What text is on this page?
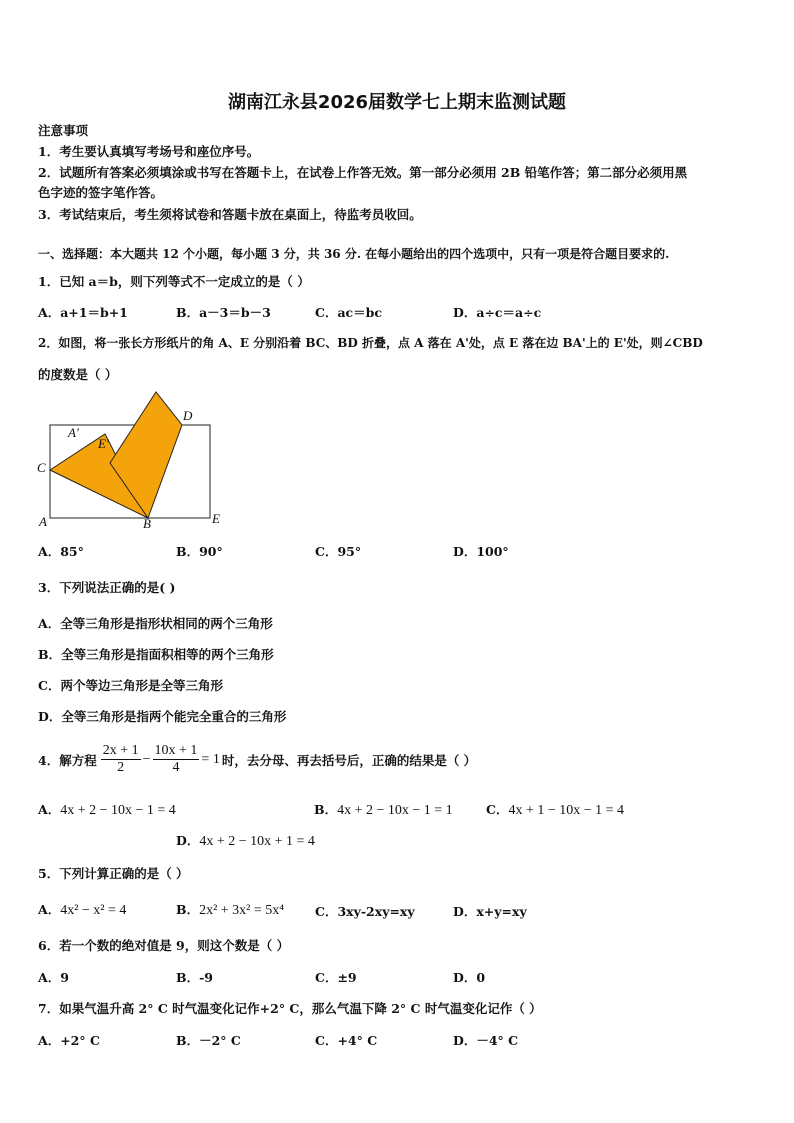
湖南江永县2026届数学七上期末监测试题
注意事项
1．考生要认真填写考场号和座位序号。
2．试题所有答案必须填涂或书写在答题卡上，在试卷上作答无效。第一部分必须用 2B 铅笔作答；第二部分必须用黑
色字迹的签字笔作答。
3．考试结束后，考生须将试卷和答题卡放在桌面上，待监考员收回。
一、选择题：本大题共 12 个小题，每小题 3 分，共 36 分. 在每小题给出的四个选项中，只有一项是符合题目要求的.
1．已知 a＝b，则下列等式不一定成立的是（ ）
A．a+1＝b+1	B．a－3＝b－3	C．ac＝bc	D．a÷c＝a÷c
2．如图，将一张长方形纸片的角 A、E 分别沿着 BC、BD 折叠，点 A 落在 A'处，点 E 落在边 BA'上的 E'处，则∠CBD
的度数是（ ）
D
A'
E'
C
A	B	E
A．85°	B．90°	C．95°	D．100°
3．下列说法正确的是( )
A．全等三角形是指形状相同的两个三角形
B．全等三角形是指面积相等的两个三角形
C．两个等边三角形是全等三角形
D．全等三角形是指两个能完全重合的三角形
4．解方程 $\frac{2x + 1}{2} - \frac{10x + 1}{4} = 1$ 时，去分母、再去括号后，正确的结果是（ ）
A．4x + 2 − 10x − 1 = 4	B．4x + 2 − 10x − 1 = 1	C．4x + 1 − 10x − 1 = 4
D．4x + 2 − 10x + 1 = 4
5．下列计算正确的是（ ）
A．4x² − x² = 4	B．2x² + 3x² = 5x⁴ C．3xy-2xy=xy	D．x+y=xy
6．若一个数的绝对值是 9，则这个数是（ ）
A．9	B．-9	C．±9	D．0
7．如果气温升高 2° C 时气温变化记作+2° C，那么气温下降 2° C 时气温变化记作（ ）
A．+2° C	B．－2° C	C．+4° C	D．－4° C
